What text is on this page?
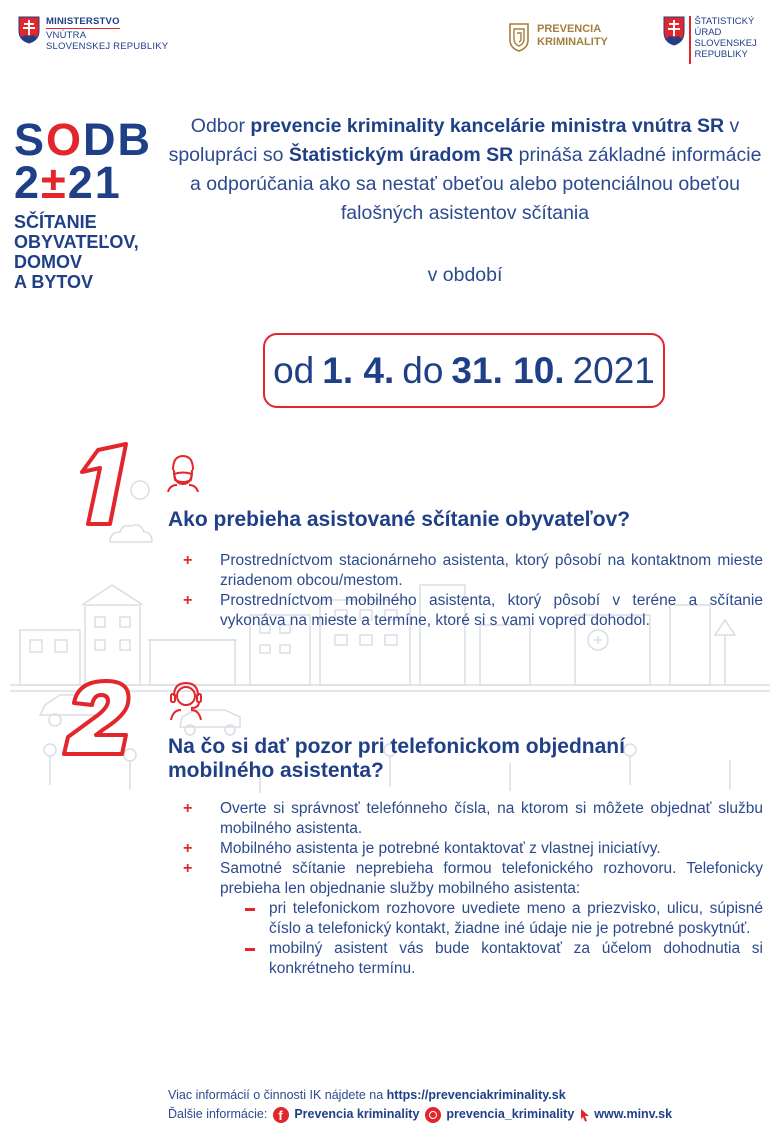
MINISTERSTVO
VNÚTRA
SLOVENSKEJ REPUBLIKY
PREVENCIA
KRIMINALITY
ŠTATISTICKÝ
ÚRAD
SLOVENSKEJ
REPUBLIKY
SODB
2±21
SČÍTANIE
OBYVATEĽOV,
DOMOV
A BYTOV
Odbor prevencie kriminality kancelárie ministra vnútra SR v spolupráci so Štatistickým úradom SR prináša základné informácie a odporúčania ako sa nestať obeťou alebo potenciálnou obeťou falošných asistentov sčítania
v období
od 1. 4. do 31. 10. 2021
1
Ako prebieha asistované sčítanie obyvateľov?
+ Prostredníctvom stacionárneho asistenta, ktorý pôsobí na kontaktnom mieste zriadenom obcou/mestom.
+ Prostredníctvom mobilného asistenta, ktorý pôsobí v teréne a sčítanie vykonáva na mieste a termíne, ktoré si s vami vopred dohodol.
2
Na čo si dať pozor pri telefonickom objednaní
mobilného asistenta?
+ Overte si správnosť telefónneho čísla, na ktorom si môžete objednať službu mobilného asistenta.
+ Mobilného asistenta je potrebné kontaktovať z vlastnej iniciatívy.
+ Samotné sčítanie neprebieha formou telefonického rozhovoru. Telefonicky prebieha len objednanie služby mobilného asistenta:
pri telefonickom rozhovore uvediete meno a priezvisko, ulicu, súpisné číslo a telefonický kontakt, žiadne iné údaje nie je potrebné poskytnúť.
mobilný asistent vás bude kontaktovať za účelom dohodnutia si konkrétneho termínu.
Viac informácií o činnosti IK nájdete na
https://prevenciakriminality.sk
Ďalšie informácie:
f Prevencia kriminality prevencia_kriminality www.minv.sk
